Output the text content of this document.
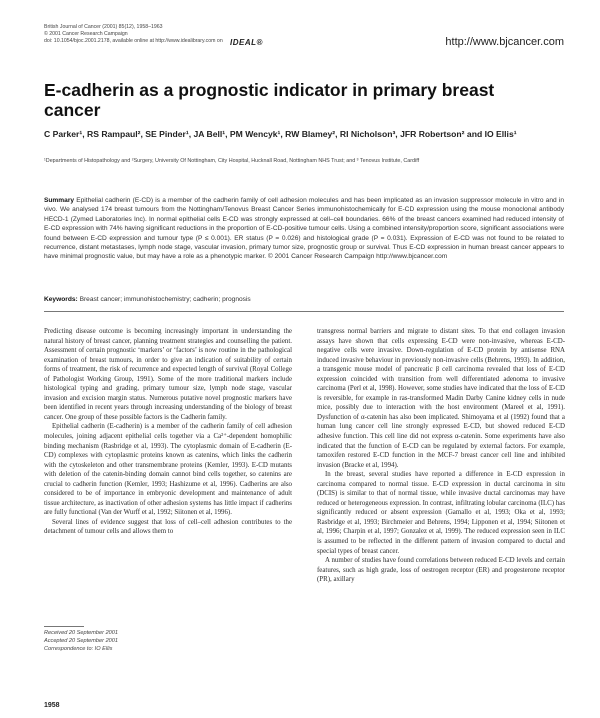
British Journal of Cancer (2001) 85(12), 1958–1963
© 2001 Cancer Research Campaign
doi: 10.1054/bjoc.2001.2178, available online at http://www.idealibrary.com on IDEAL®	http://www.bjcancer.com
E-cadherin as a prognostic indicator in primary breast cancer
C Parker¹, RS Rampaul², SE Pinder¹, JA Bell¹, PM Wencyk¹, RW Blamey², RI Nicholson³, JFR Robertson² and IO Ellis¹
¹Departments of Histopathology and ²Surgery, University Of Nottingham, City Hospital, Hucknall Road, Nottingham NHS Trust; and ³ Tenovus Institute, Cardiff
Summary Epithelial cadherin (E-CD) is a member of the cadherin family of cell adhesion molecules and has been implicated as an invasion suppressor molecule in vitro and in vivo. We analysed 174 breast tumours from the Nottingham/Tenovus Breast Cancer Series immunohistochemically for E-CD expression using the mouse monoclonal antibody HECD-1 (Zymed Laboratories Inc). In normal epithelial cells E-CD was strongly expressed at cell–cell boundaries. 66% of the breast cancers examined had reduced intensity of E-CD expression with 74% having significant reductions in the proportion of E-CD-positive tumour cells. Using a combined intensity/proportion score, significant associations were found between E-CD expression and tumour type (P ≤ 0.001). ER status (P = 0.026) and histological grade (P = 0.031). Expression of E-CD was not found to be related to recurrence, distant metastases, lymph node stage, vascular invasion, primary tumor size, prognostic group or survival. Thus E-CD expression in human breast cancer appears to have minimal prognostic value, but may have a role as a phenotypic marker. © 2001 Cancer Research Campaign http://www.bjcancer.com
Keywords: Breast cancer; immunohistochemistry; cadherin; prognosis

Predicting disease outcome is becoming increasingly important in understanding the natural history of breast cancer, planning treatment strategies and counselling the patient. Assessment of certain prognostic ‘markers’ or ‘factors’ is now routine in the pathological examination of breast tumours, in order to give an indication of suitability of certain forms of treatment, the risk of recurrence and expected length of survival (Royal College of Pathologist Working Group, 1991). Some of the more traditional markers include histological typing and grading, primary tumour size, lymph node stage, vascular invasion and excision margin status. Numerous putative novel prognostic markers have been identified in recent years through increasing understanding of the biology of breast cancer. One group of these possible factors is the Cadherin family.

Epithelial cadherin (E-cadherin) is a member of the cadherin family of cell adhesion molecules, joining adjacent epithelial cells together via a Ca²⁺-dependent homophilic binding mechanism (Rasbridge et al, 1993). The cytoplasmic domain of E-cadherin (E-CD) complexes with cytoplasmic proteins known as catenins, which links the cadherin with the cytoskeleton and other transmembrane proteins (Kemler, 1993). E-CD mutants with deletion of the catenin-binding domain cannot bind cells together, so catenins are crucial to cadherin function (Kemler, 1993; Hashizume et al, 1996). Cadherins are also considered to be of importance in embryonic development and maintenance of adult tissue architecture, as inactivation of other adhesion systems has little impact if cadherins are fully functional (Van der Wurff et al, 1992; Siitonen et al, 1996).

Several lines of evidence suggest that loss of cell–cell adhesion contributes to the detachment of tumour cells and allows them to

transgress normal barriers and migrate to distant sites. To that end collagen invasion assays have shown that cells expressing E-CD were non-invasive, whereas E-CD-negative cells were invasive. Down-regulation of E-CD protein by antisense RNA induced invasive behaviour in previously non-invasive cells (Behrens, 1993). In addition, a transgenic mouse model of pancreatic β cell carcinoma revealed that loss of E-CD expression coincided with transition from well differentiated adenoma to invasive carcinoma (Perl et al, 1998). However, some studies have indicated that the loss of E-CD is reversible, for example in ras-transformed Madin Darby Canine kidney cells in nude mice, possibly due to interaction with the host environment (Mareel et al, 1991). Dysfunction of α-catenin has also been implicated. Shimoyama et al (1992) found that a human lung cancer cell line strongly expressed E-CD, but showed reduced E-CD adhesive function. This cell line did not express α-catenin. Some experiments have also indicated that the function of E-CD can be regulated by external factors. For example, tamoxifen restored E-CD function in the MCF-7 breast cancer cell line and inhibited invasion (Bracke et al, 1994).

In the breast, several studies have reported a difference in E-CD expression in carcinoma compared to normal tissue. E-CD expression in ductal carcinoma in situ (DCIS) is similar to that of normal tissue, while invasive ductal carcinomas may have reduced or heterogeneous expression. In contrast, infiltrating lobular carcinoma (ILC) has significantly reduced or absent expression (Gamallo et al, 1993; Oka et al, 1993; Rasbridge et al, 1993; Birchmeier and Behrens, 1994; Lipponen et al, 1994; Siitonen et al, 1996; Charpin et al, 1997; Gonzalez et al, 1999). The reduced expression seen in ILC is assumed to be reflected in the different pattern of invasion compared to ductal and special types of breast cancer.

A number of studies have found correlations between reduced E-CD levels and certain features, such as high grade, loss of oestrogen receptor (ER) and progesterone receptor (PR), axillary

Received 20 September 2001
Accepted 20 September 2001
Correspondence to: IO Ellis
1958
